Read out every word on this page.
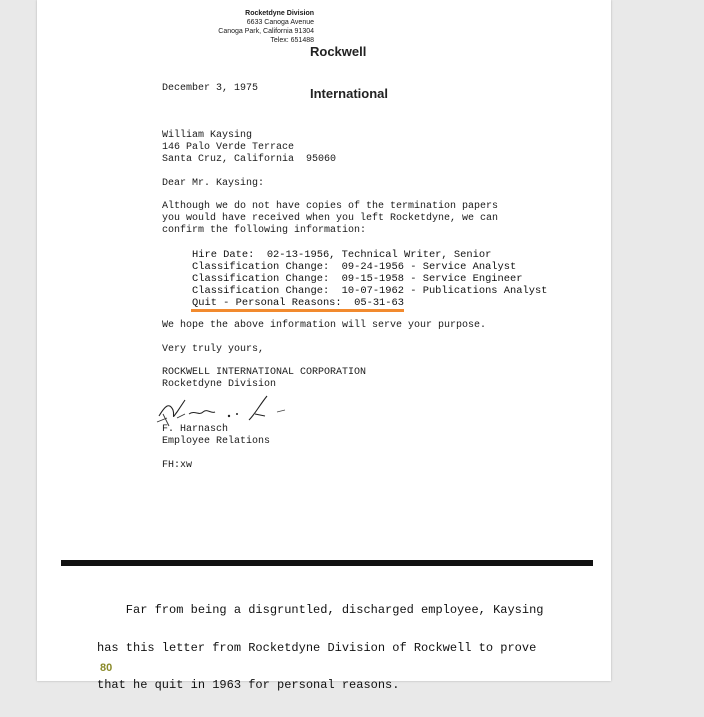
Rocketdyne Division
6633 Canoga Avenue
Canoga Park, California 91304
Telex: 651488

Rockwell

International

December 3, 1975
William Kaysing
146 Palo Verde Terrace
Santa Cruz, California  95060
Dear Mr. Kaysing:
Although we do not have copies of the termination papers
you would have received when you left Rocketdyne, we can
confirm the following information:
Hire Date:  02-13-1956, Technical Writer, Senior
Classification Change:  09-24-1956 - Service Analyst
Classification Change:  09-15-1958 - Service Engineer
Classification Change:  10-07-1962 - Publications Analyst
Quit - Personal Reasons:  05-31-63
We hope the above information will serve your purpose.
Very truly yours,
ROCKWELL INTERNATIONAL CORPORATION
Rocketdyne Division
F. Harnasch
Employee Relations
FH:xw

Far from being a disgruntled, discharged employee, Kaysing

has this letter from Rocketdyne Division of Rockwell to prove

that he quit in 1963 for personal reasons.

80
